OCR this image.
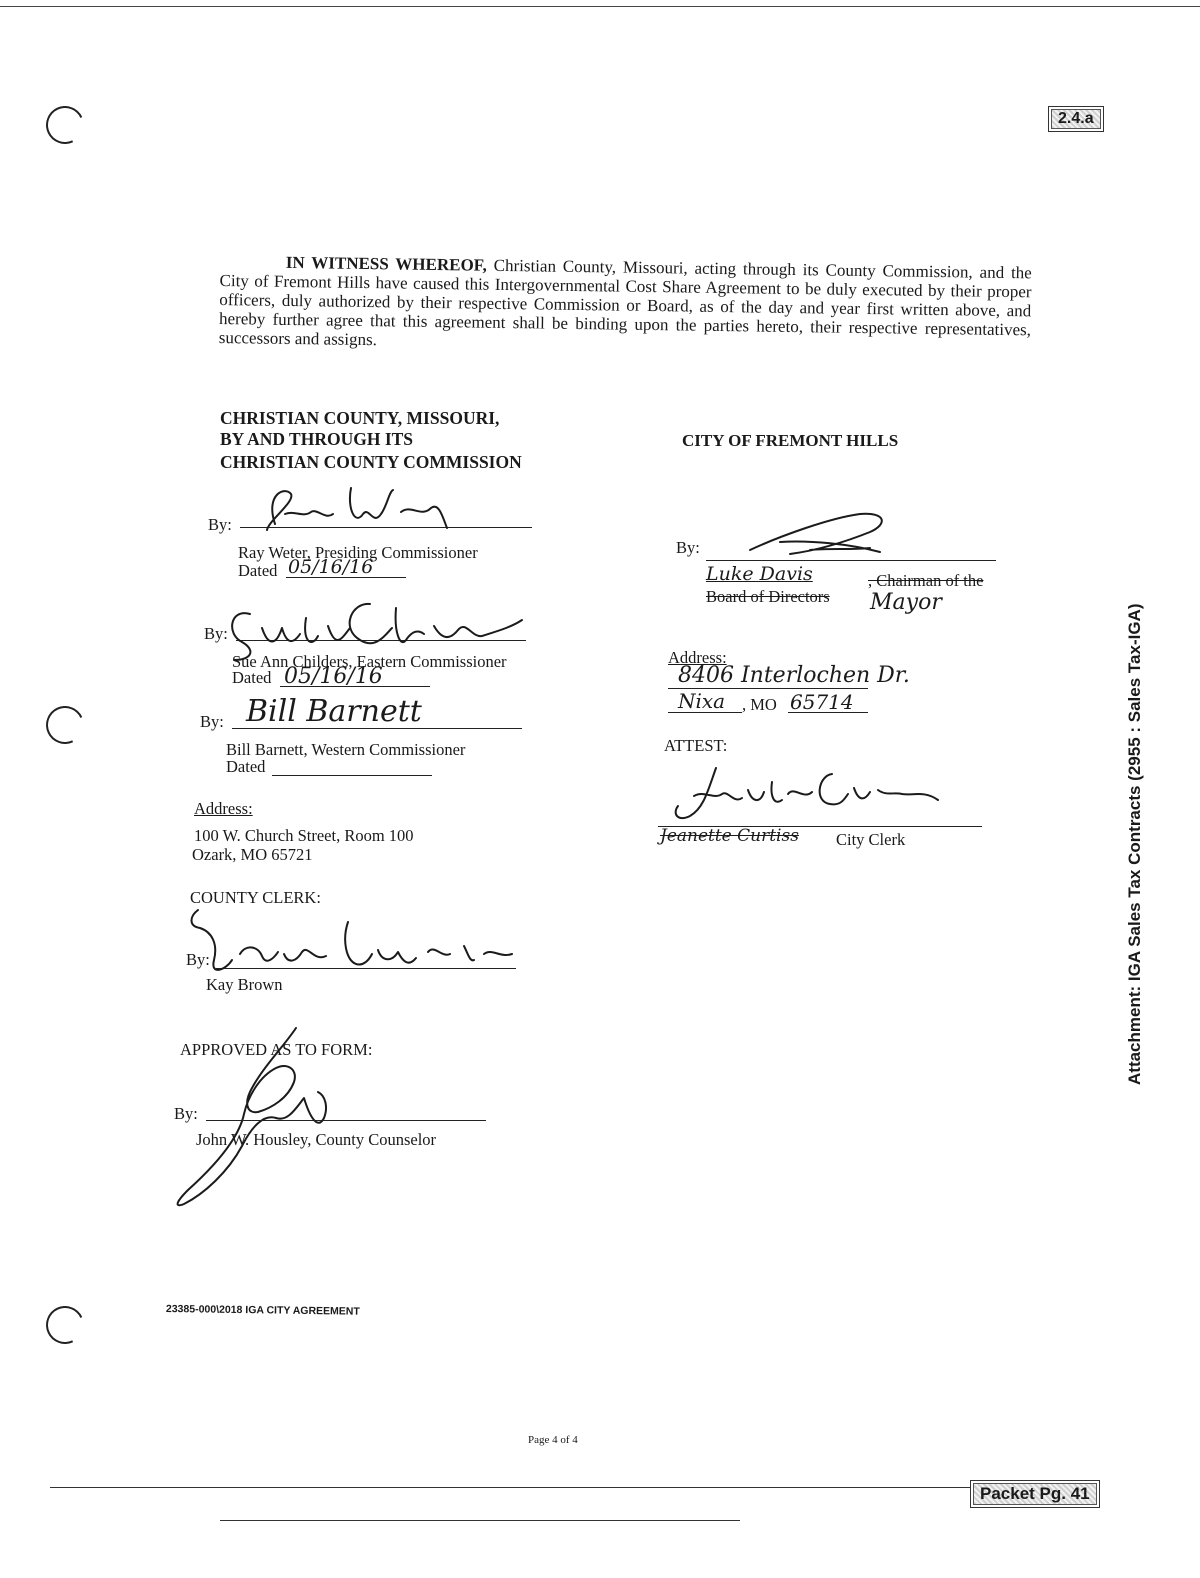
2.4.a

IN WITNESS WHEREOF, Christian County, Missouri, acting through its County Commission, and the City of Fremont Hills have caused this Intergovernmental Cost Share Agreement to be duly executed by their proper officers, duly authorized by their respective Commission or Board, as of the day and year first written above, and hereby further agree that this agreement shall be binding upon the parties hereto, their respective representatives, successors and assigns.

CHRISTIAN COUNTY, MISSOURI,
BY AND THROUGH ITS
CHRISTIAN COUNTY COMMISSION
By:
Ray Weter, Presiding Commissioner
Dated 05/16/16
By:
Sue Ann Childers, Eastern Commissioner
Dated 05/16/16
By: Bill Barnett
Bill Barnett, Western Commissioner
Dated
Address:
100 W. Church Street, Room 100
Ozark, MO 65721
COUNTY CLERK:
By:
Kay Brown
APPROVED AS TO FORM:
By:
John W. Housley, County Counselor
CITY OF FREMONT HILLS
By:
Luke Davis	, Chairman of the
Board of Directors Mayor
Address:
8406 Interlochen Dr.
Nixa , MO 65714
ATTEST:
Jeanette Curtiss City Clerk	Attachment: IGA Sales Tax Contracts (2955 : Sales Tax-IGA)
23385-000\2018 IGA CITY AGREEMENT
Page 4 of 4
Packet Pg. 41
